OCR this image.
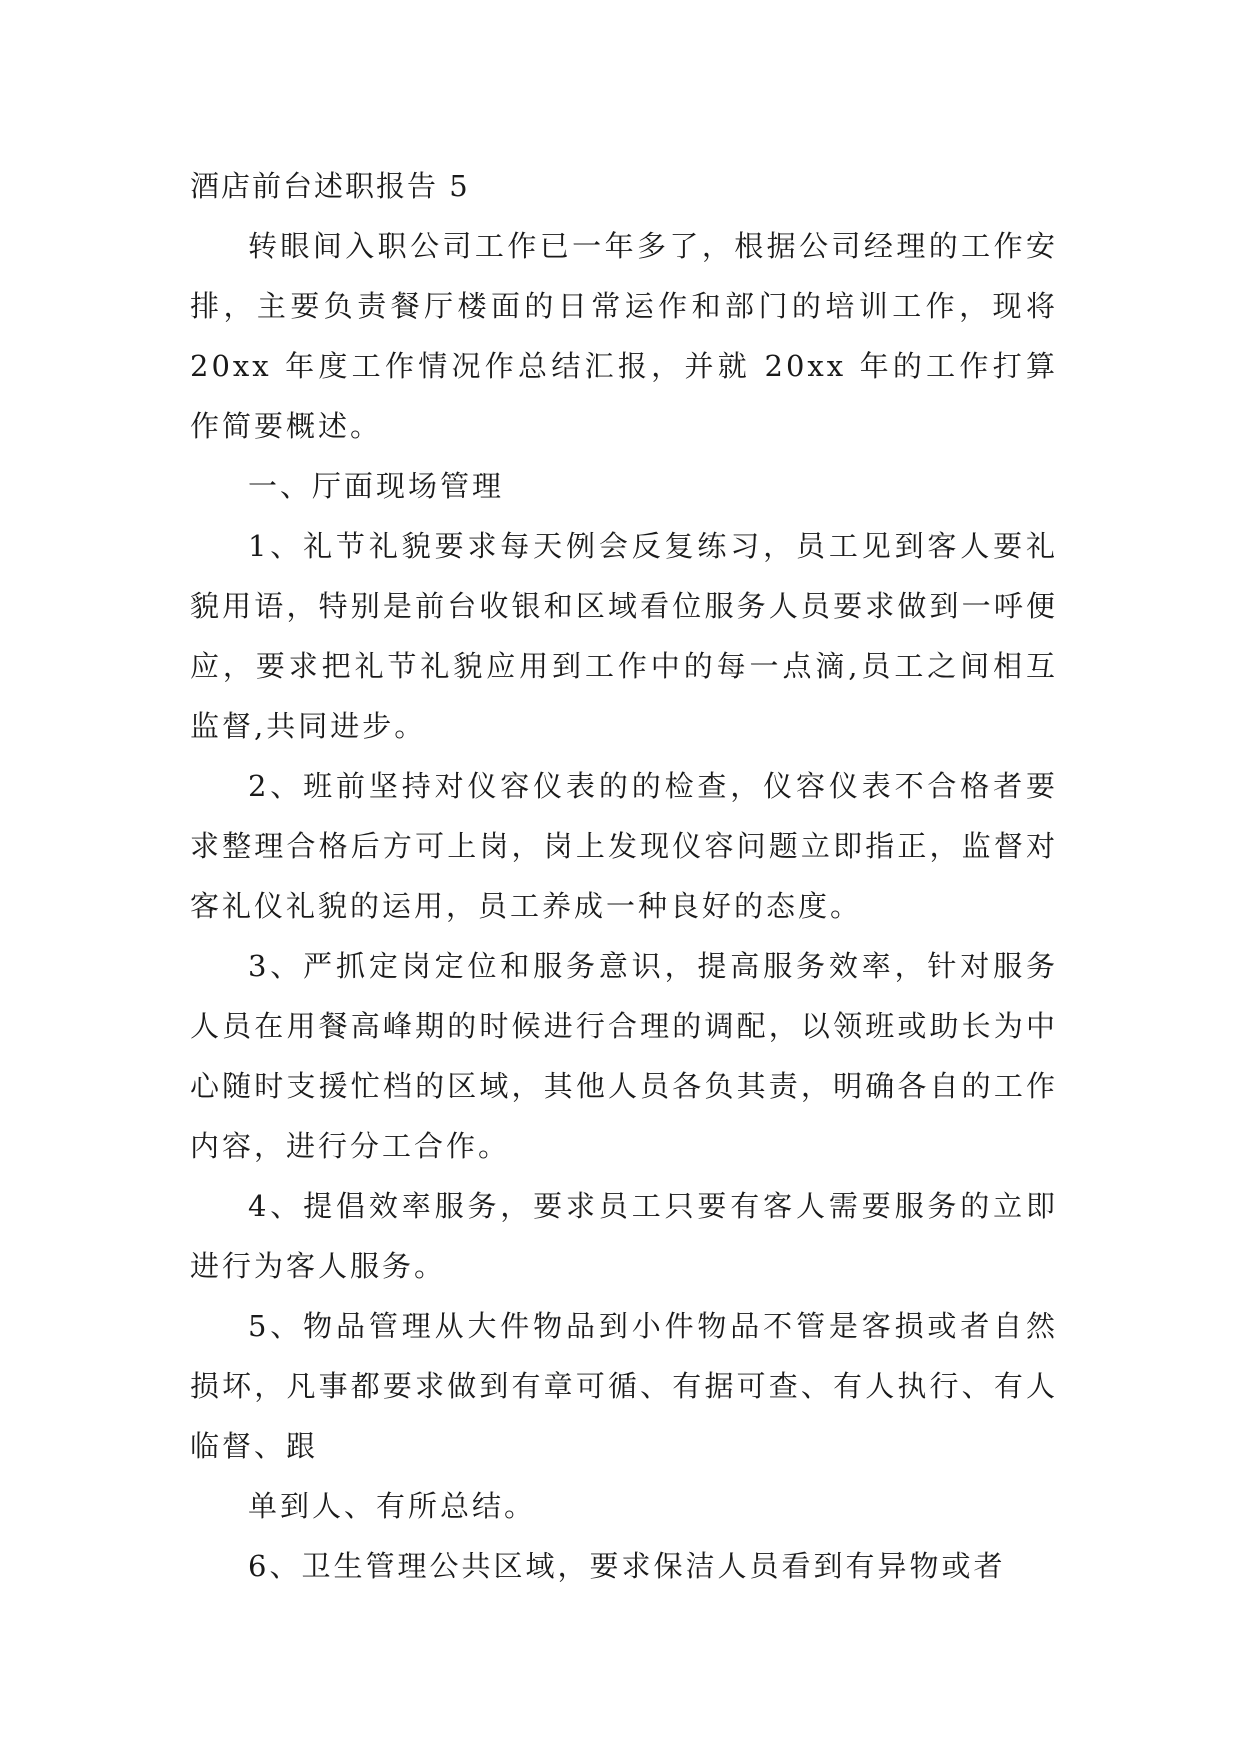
酒店前台述职报告 5

转眼间入职公司工作已一年多了，根据公司经理的工作安排，主要负责餐厅楼面的日常运作和部门的培训工作，现将 20xx 年度工作情况作总结汇报，并就 20xx 年的工作打算作简要概述。

一、厅面现场管理

1、礼节礼貌要求每天例会反复练习，员工见到客人要礼貌用语，特别是前台收银和区域看位服务人员要求做到一呼便应，要求把礼节礼貌应用到工作中的每一点滴,员工之间相互监督,共同进步。

2、班前坚持对仪容仪表的的检查，仪容仪表不合格者要求整理合格后方可上岗，岗上发现仪容问题立即指正，监督对客礼仪礼貌的运用，员工养成一种良好的态度。

3、严抓定岗定位和服务意识，提高服务效率，针对服务人员在用餐高峰期的时候进行合理的调配，以领班或助长为中心随时支援忙档的区域，其他人员各负其责，明确各自的工作内容，进行分工合作。

4、提倡效率服务，要求员工只要有客人需要服务的立即进行为客人服务。

5、物品管理从大件物品到小件物品不管是客损或者自然损坏，凡事都要求做到有章可循、有据可查、有人执行、有人临督、跟

单到人、有所总结。

6、卫生管理公共区域，要求保洁人员看到有异物或者
